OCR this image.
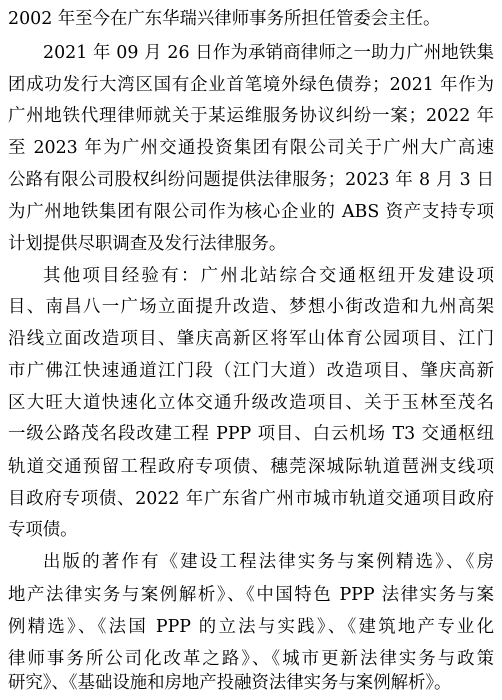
2002 年至今在广东华瑞兴律师事务所担任管委会主任。
2021 年 09 月 26 日作为承销商律师之一助力广州地铁集
团成功发行大湾区国有企业首笔境外绿色债券；2021 年作为
广州地铁代理律师就关于某运维服务协议纠纷一案；2022 年
至 2023 年为广州交通投资集团有限公司关于广州大广高速
公路有限公司股权纠纷问题提供法律服务；2023 年 8 月 3 日
为广州地铁集团有限公司作为核心企业的 ABS 资产支持专项
计划提供尽职调查及发行法律服务。
其他项目经验有：广州北站综合交通枢纽开发建设项
目、南昌八一广场立面提升改造、梦想小街改造和九州高架
沿线立面改造项目、肇庆高新区将军山体育公园项目、江门
市广佛江快速通道江门段（江门大道）改造项目、肇庆高新
区大旺大道快速化立体交通升级改造项目、关于玉林至茂名
一级公路茂名段改建工程 PPP 项目、白云机场 T3 交通枢纽
轨道交通预留工程政府专项债、穗莞深城际轨道琶洲支线项
目政府专项债、2022 年广东省广州市城市轨道交通项目政府
专项债。
出版的著作有《建设工程法律实务与案例精选》、《房
地产法律实务与案例解析》、《中国特色 PPP 法律实务与案
例精选》、《法国 PPP 的立法与实践》、《建筑地产专业化
律师事务所公司化改革之路》、《城市更新法律实务与政策
研究》、《基础设施和房地产投融资法律实务与案例解析》。
